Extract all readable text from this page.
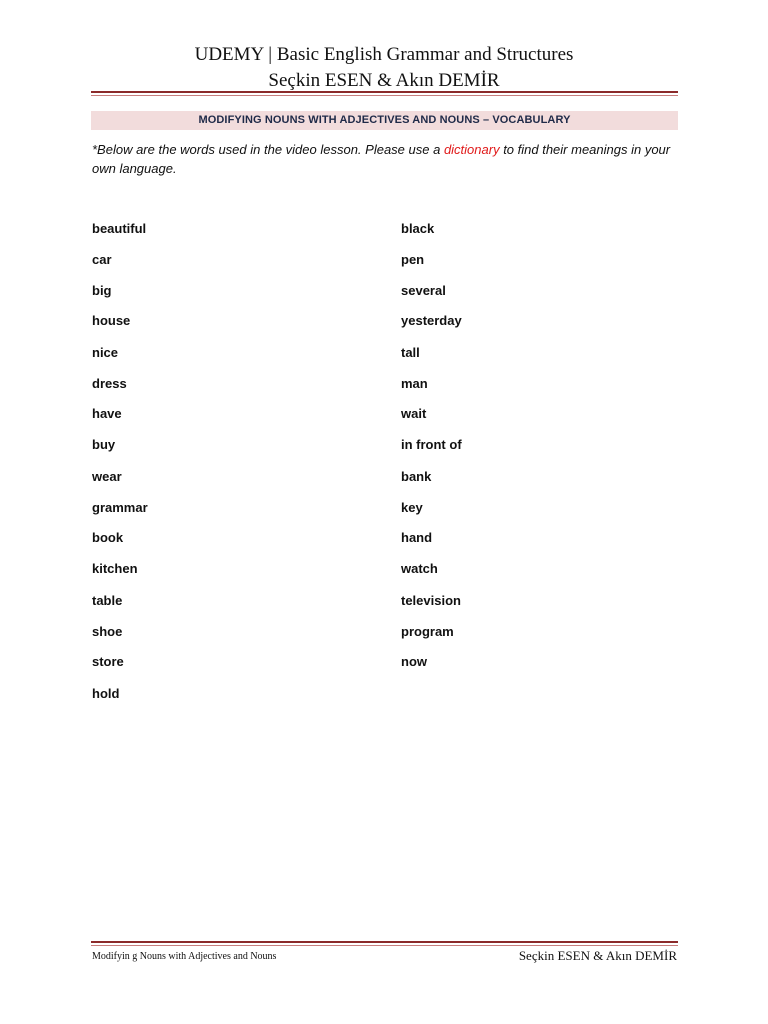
UDEMY | Basic English Grammar and Structures
Seçkin ESEN & Akın DEMİR
MODIFYING NOUNS WITH ADJECTIVES AND NOUNS – VOCABULARY
*Below are the words used in the video lesson. Please use a dictionary to find their meanings in your own language.
beautiful
car
big
house
nice
dress
have
buy
wear
grammar
book
kitchen
table
shoe
store
hold
black
pen
several
yesterday
tall
man
wait
in front of
bank
key
hand
watch
television
program
now
Modifyin g Nouns with Adjectives and Nouns	Seçkin ESEN & Akın DEMİR
